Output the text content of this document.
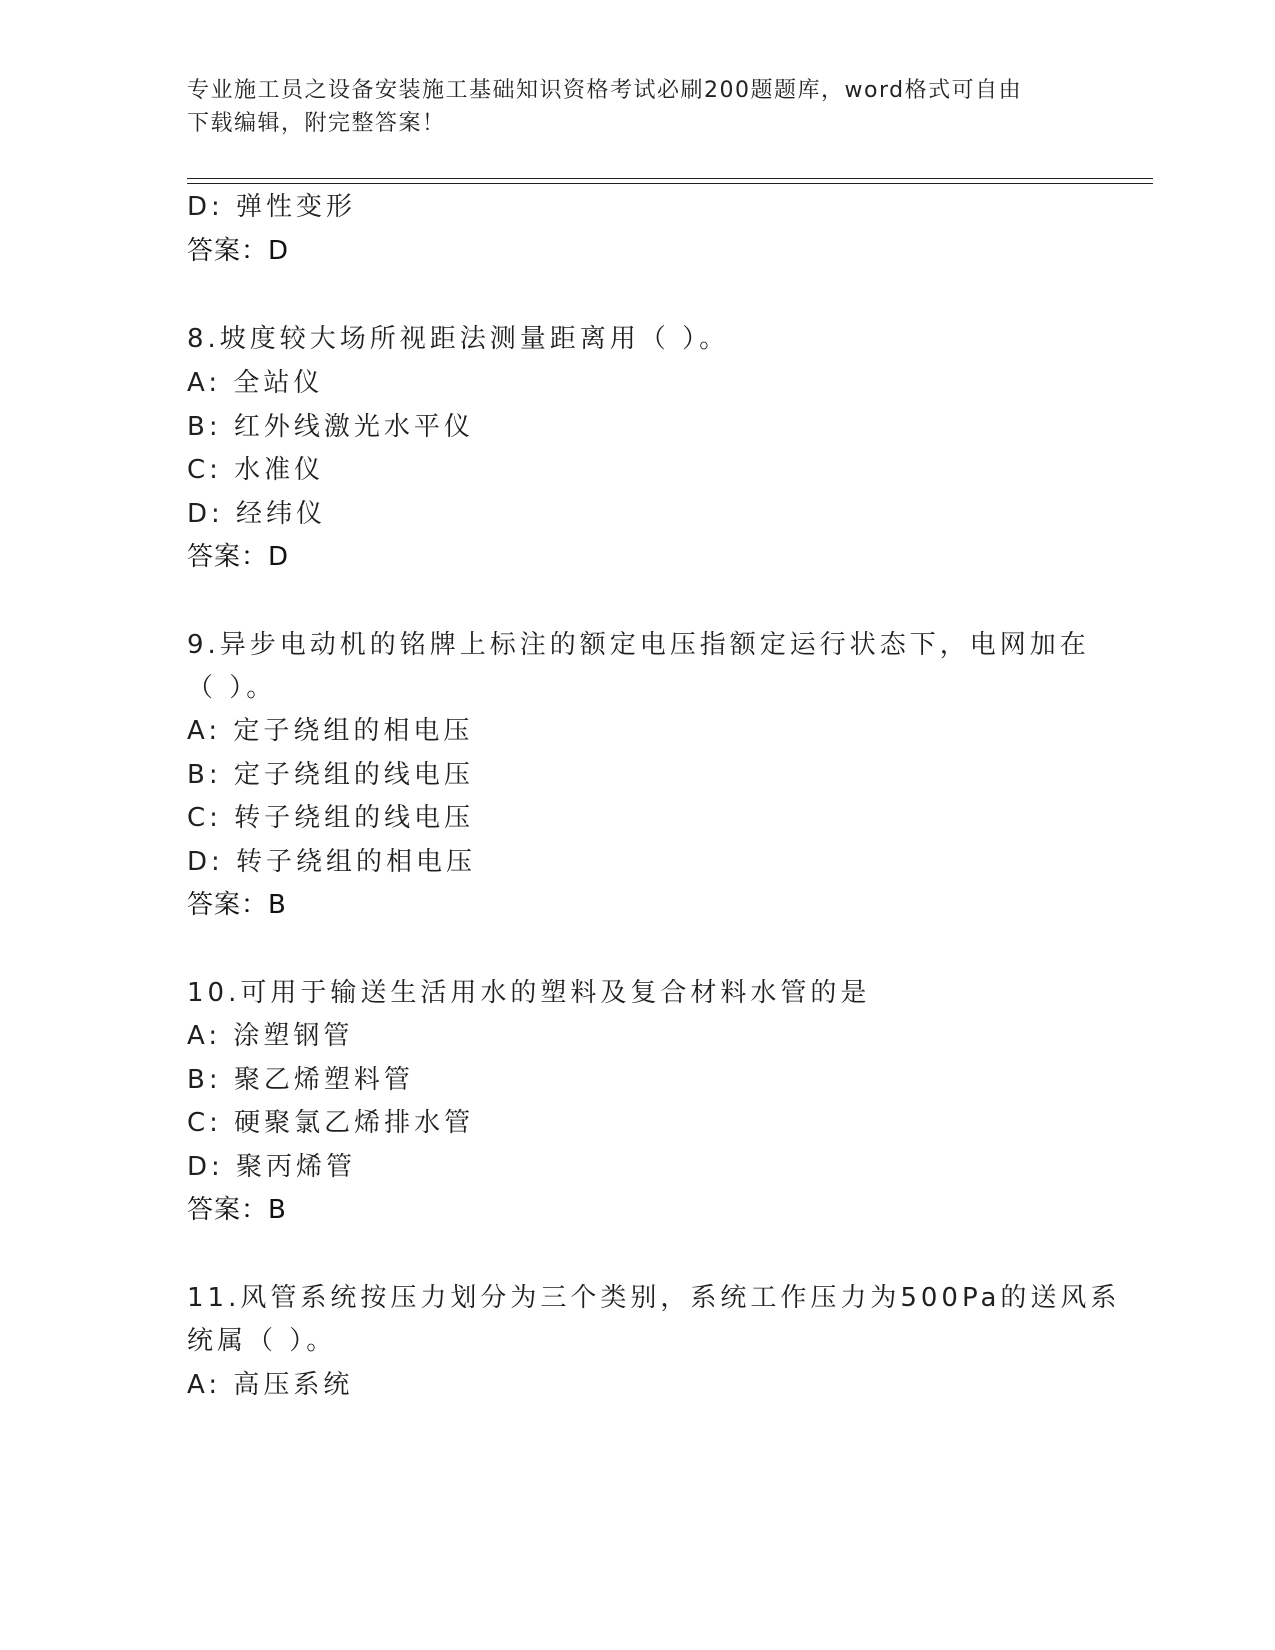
专业施工员之设备安装施工基础知识资格考试必刷200题题库，word格式可自由
下载编辑，附完整答案！
D: 弹性变形
答案：D
8.坡度较大场所视距法测量距离用（ ）。
A: 全站仪
B: 红外线激光水平仪
C: 水准仪
D: 经纬仪
答案：D
9.异步电动机的铭牌上标注的额定电压指额定运行状态下，电网加在
（ ）。
A: 定子绕组的相电压
B: 定子绕组的线电压
C: 转子绕组的线电压
D: 转子绕组的相电压
答案：B
10.可用于输送生活用水的塑料及复合材料水管的是
A: 涂塑钢管
B: 聚乙烯塑料管
C: 硬聚氯乙烯排水管
D: 聚丙烯管
答案：B
11.风管系统按压力划分为三个类别，系统工作压力为500Pa的送风系
统属（ ）。
A: 高压系统
